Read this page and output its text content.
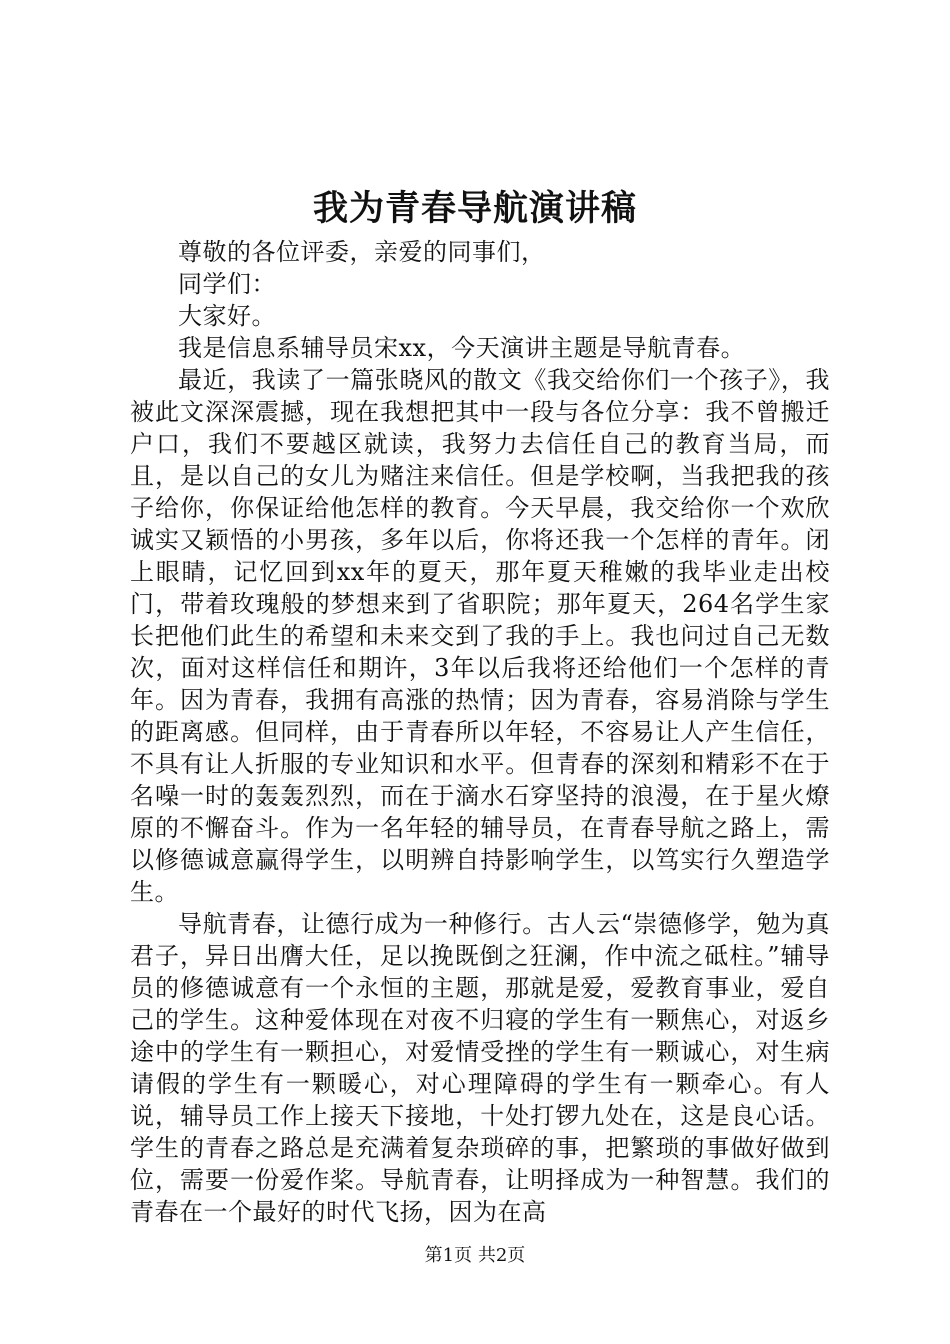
我为青春导航演讲稿

尊敬的各位评委，亲爱的同事们，

同学们：

大家好。

我是信息系辅导员宋xx，今天演讲主题是导航青春。

最近，我读了一篇张晓风的散文《我交给你们一个孩子》，我被此文深深震撼，现在我想把其中一段与各位分享：我不曾搬迁户口，我们不要越区就读，我努力去信任自己的教育当局，而且，是以自己的女儿为赌注来信任。但是学校啊，当我把我的孩子给你，你保证给他怎样的教育。今天早晨，我交给你一个欢欣诚实又颖悟的小男孩，多年以后，你将还我一个怎样的青年。闭上眼睛，记忆回到xx年的夏天，那年夏天稚嫩的我毕业走出校门，带着玫瑰般的梦想来到了省职院；那年夏天，264名学生家长把他们此生的希望和未来交到了我的手上。我也问过自己无数次，面对这样信任和期许，3年以后我将还给他们一个怎样的青年。因为青春，我拥有高涨的热情；因为青春，容易消除与学生的距离感。但同样，由于青春所以年轻，不容易让人产生信任，不具有让人折服的专业知识和水平。但青春的深刻和精彩不在于名噪一时的轰轰烈烈，而在于滴水石穿坚持的浪漫，在于星火燎原的不懈奋斗。作为一名年轻的辅导员，在青春导航之路上，需以修德诚意赢得学生，以明辨自持影响学生，以笃实行久塑造学生。

导航青春，让德行成为一种修行。古人云“崇德修学，勉为真君子，异日出膺大任，足以挽既倒之狂澜，作中流之砥柱。”辅导员的修德诚意有一个永恒的主题，那就是爱，爱教育事业，爱自己的学生。这种爱体现在对夜不归寝的学生有一颗焦心，对返乡途中的学生有一颗担心，对爱情受挫的学生有一颗诚心，对生病请假的学生有一颗暖心，对心理障碍的学生有一颗牵心。有人说，辅导员工作上接天下接地，十处打锣九处在，这是良心话。学生的青春之路总是充满着复杂琐碎的事，把繁琐的事做好做到位，需要一份爱作桨。导航青春，让明择成为一种智慧。我们的青春在一个最好的时代飞扬，因为在高

第1页 共2页
